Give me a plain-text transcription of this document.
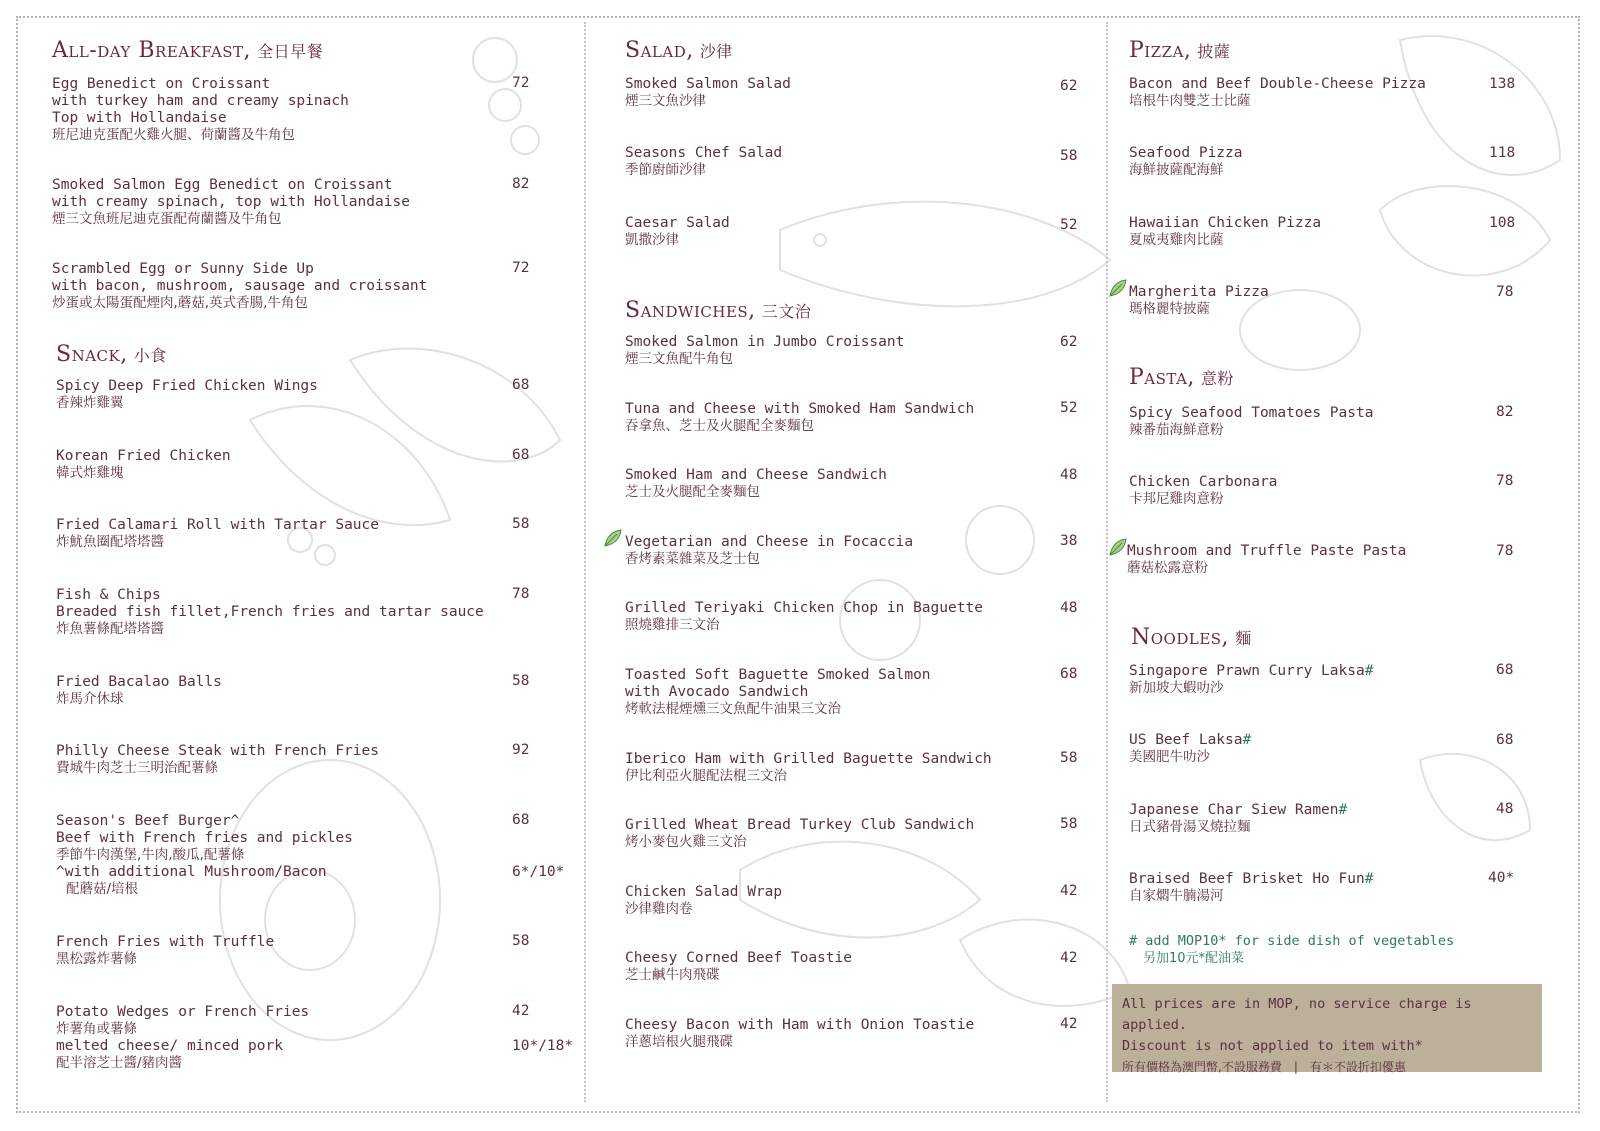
All-day Breakfast, 全日早餐
Egg Benedict on Croissant
with turkey ham and creamy spinach
Top with Hollandaise
班尼迪克蛋配火雞火腿、荷蘭醬及牛角包
72
Smoked Salmon Egg Benedict on Croissant
with creamy spinach, top with Hollandaise
煙三文魚班尼迪克蛋配荷蘭醬及牛角包
82
Scrambled Egg or Sunny Side Up
with bacon, mushroom, sausage and croissant
炒蛋或太陽蛋配煙肉,蘑菇,英式香腸,牛角包
72
Snack, 小食
Spicy Deep Fried Chicken Wings
香辣炸雞翼
68
Korean Fried Chicken
韓式炸雞塊
68
Fried Calamari Roll with Tartar Sauce
炸魷魚圈配塔塔醬
58
Fish & Chips
Breaded fish fillet,French fries and tartar sauce
炸魚薯條配塔塔醬
78
Fried Bacalao Balls
炸馬介休球
58
Philly Cheese Steak with French Fries
費城牛肉芝士三明治配薯條
92
Season's Beef Burger^
Beef with French fries and pickles
季節牛肉漢堡,牛肉,酸瓜,配薯條
^with additional Mushroom/Bacon
配蘑菇/培根
68
6*/10*
French Fries with Truffle
黑松露炸薯條
58
Potato Wedges or French Fries
炸薯角或薯條
melted cheese/ minced pork
配半溶芝士醬/豬肉醬
42
10*/18*
Salad, 沙律
Smoked Salmon Salad
煙三文魚沙律
62
Seasons Chef Salad
季節廚師沙律
58
Caesar Salad
凱撒沙律
52
Sandwiches, 三文治
Smoked Salmon in Jumbo Croissant
煙三文魚配牛角包
62
Tuna and Cheese with Smoked Ham Sandwich
吞拿魚、芝士及火腿配全麥麵包
52
Smoked Ham and Cheese Sandwich
芝士及火腿配全麥麵包
48
Vegetarian and Cheese in Focaccia
香烤素菜雜菜及芝士包
38
Grilled Teriyaki Chicken Chop in Baguette
照燒雞排三文治
48
Toasted Soft Baguette Smoked Salmon
with Avocado Sandwich
烤軟法棍煙燻三文魚配牛油果三文治
68
Iberico Ham with Grilled Baguette Sandwich
伊比利亞火腿配法棍三文治
58
Grilled Wheat Bread Turkey Club Sandwich
烤小麥包火雞三文治
58
Chicken Salad Wrap
沙律雞肉卷
42
Cheesy Corned Beef Toastie
芝士鹹牛肉飛碟
42
Cheesy Bacon with Ham with Onion Toastie
洋蔥培根火腿飛碟
42
Pizza, 披薩
Bacon and Beef Double-Cheese Pizza
培根牛肉雙芝士比薩
138
Seafood Pizza
海鮮披薩配海鮮
118
Hawaiian Chicken Pizza
夏威夷雞肉比薩
108
Margherita Pizza
瑪格麗特披薩
78
Pasta, 意粉
Spicy Seafood Tomatoes Pasta
辣番茄海鮮意粉
82
Chicken Carbonara
卡邦尼雞肉意粉
78
Mushroom and Truffle Paste Pasta
蘑菇松露意粉
78
Noodles, 麵
Singapore Prawn Curry Laksa#
新加坡大蝦叻沙
68
US Beef Laksa#
美國肥牛叻沙
68
Japanese Char Siew Ramen#
日式豬骨湯叉燒拉麵
48
Braised Beef Brisket Ho Fun#
自家燜牛腩湯河
40*
# add MOP10* for side dish of vegetables
另加10元*配油菜
All prices are in MOP, no service charge is applied.
Discount is not applied to item with*
所有價格為澳門幣,不設服務費　|　有＊不設折扣優惠
